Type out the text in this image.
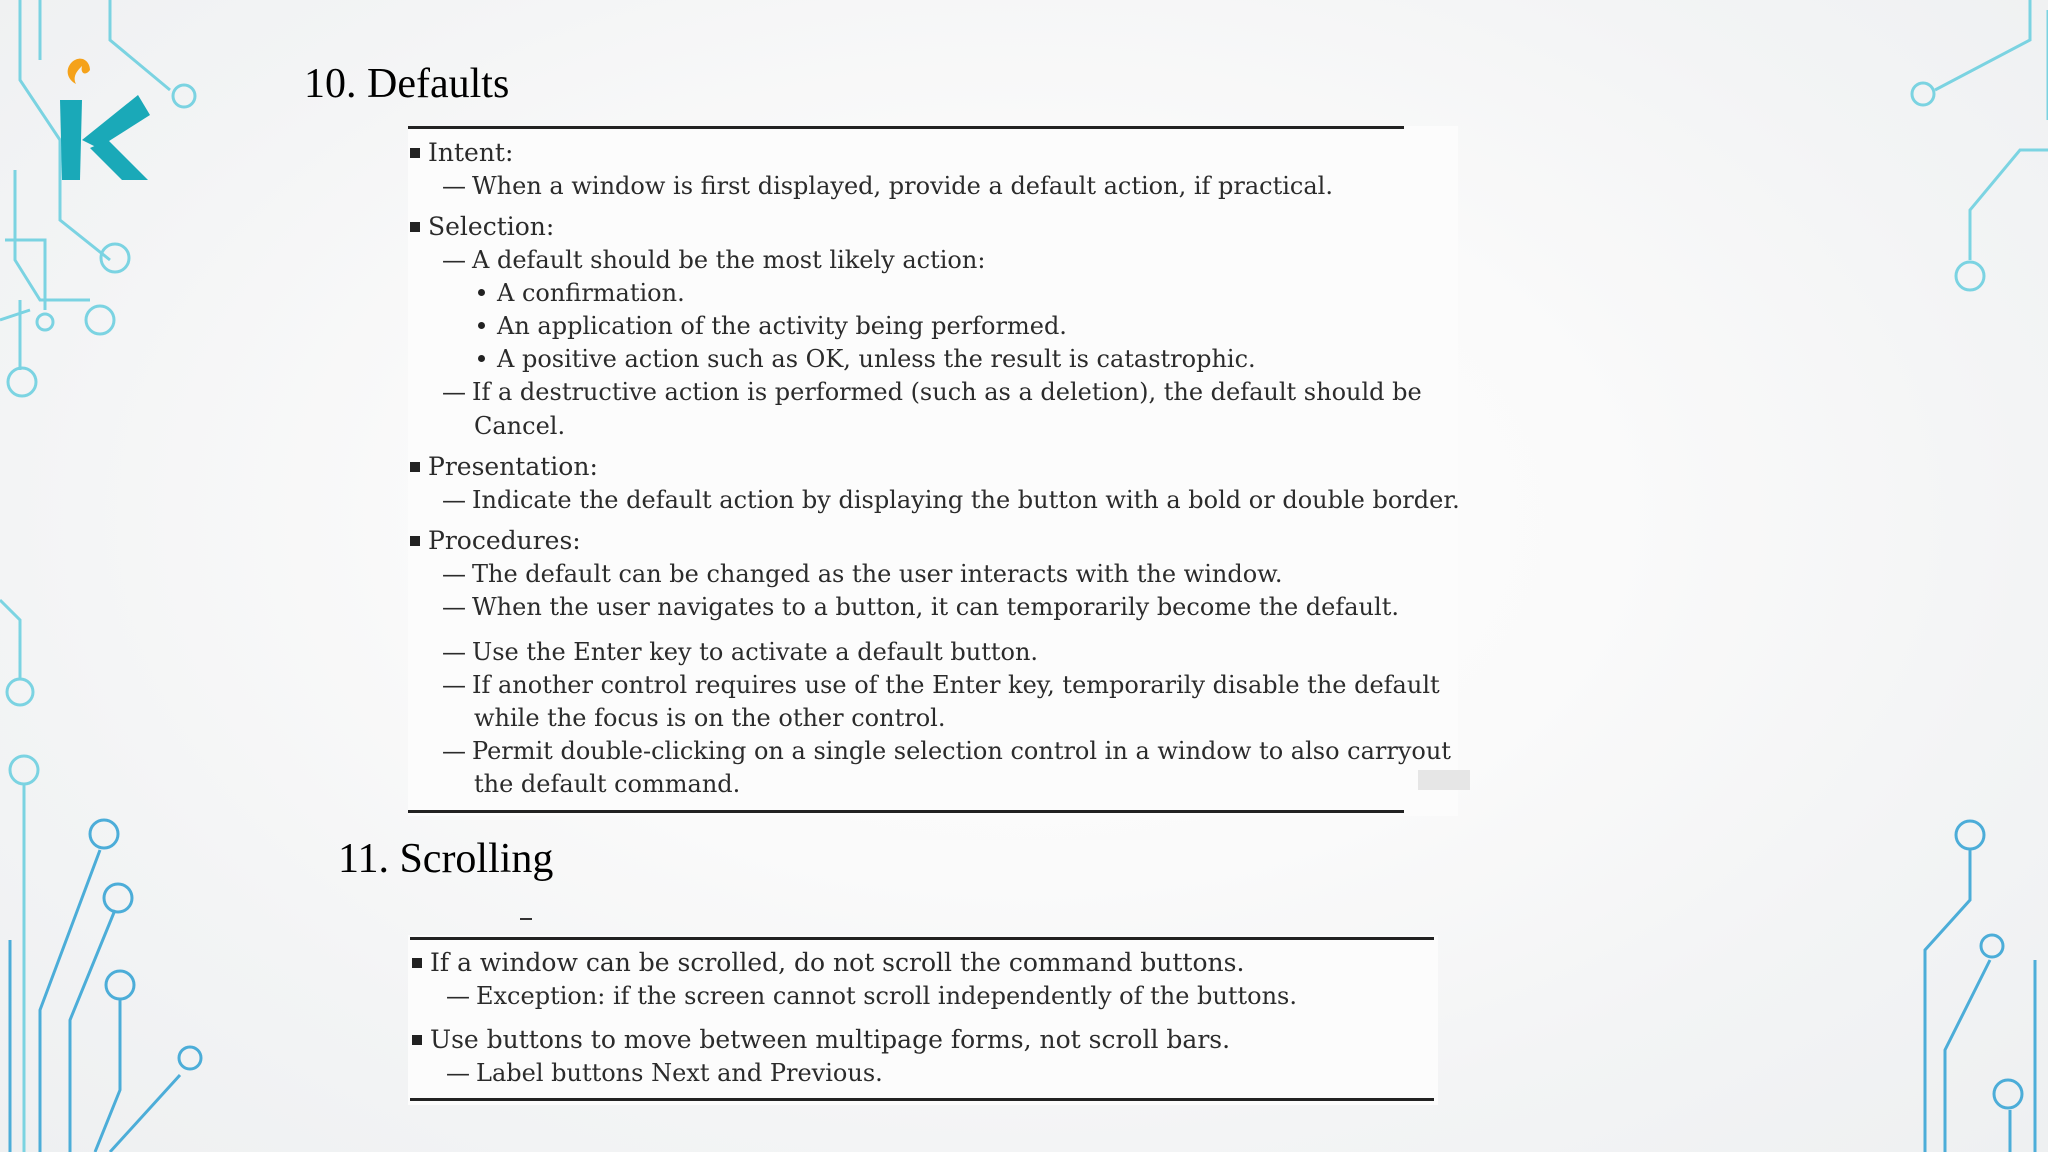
10. Defaults
11. Scrolling
Intent:
— When a window is first displayed, provide a default action, if practical.
Selection:
— A default should be the most likely action:
A confirmation.
An application of the activity being performed.
A positive action such as OK, unless the result is catastrophic.
— If a destructive action is performed (such as a deletion), the default should be
Cancel.
Presentation:
— Indicate the default action by displaying the button with a bold or double border.
Procedures:
— The default can be changed as the user interacts with the window.
— When the user navigates to a button, it can temporarily become the default.
— Use the Enter key to activate a default button.
— If another control requires use of the Enter key, temporarily disable the default
while the focus is on the other control.
— Permit double-clicking on a single selection control in a window to also carryout
the default command.
If a window can be scrolled, do not scroll the command buttons.
— Exception: if the screen cannot scroll independently of the buttons.
Use buttons to move between multipage forms, not scroll bars.
— Label buttons Next and Previous.
